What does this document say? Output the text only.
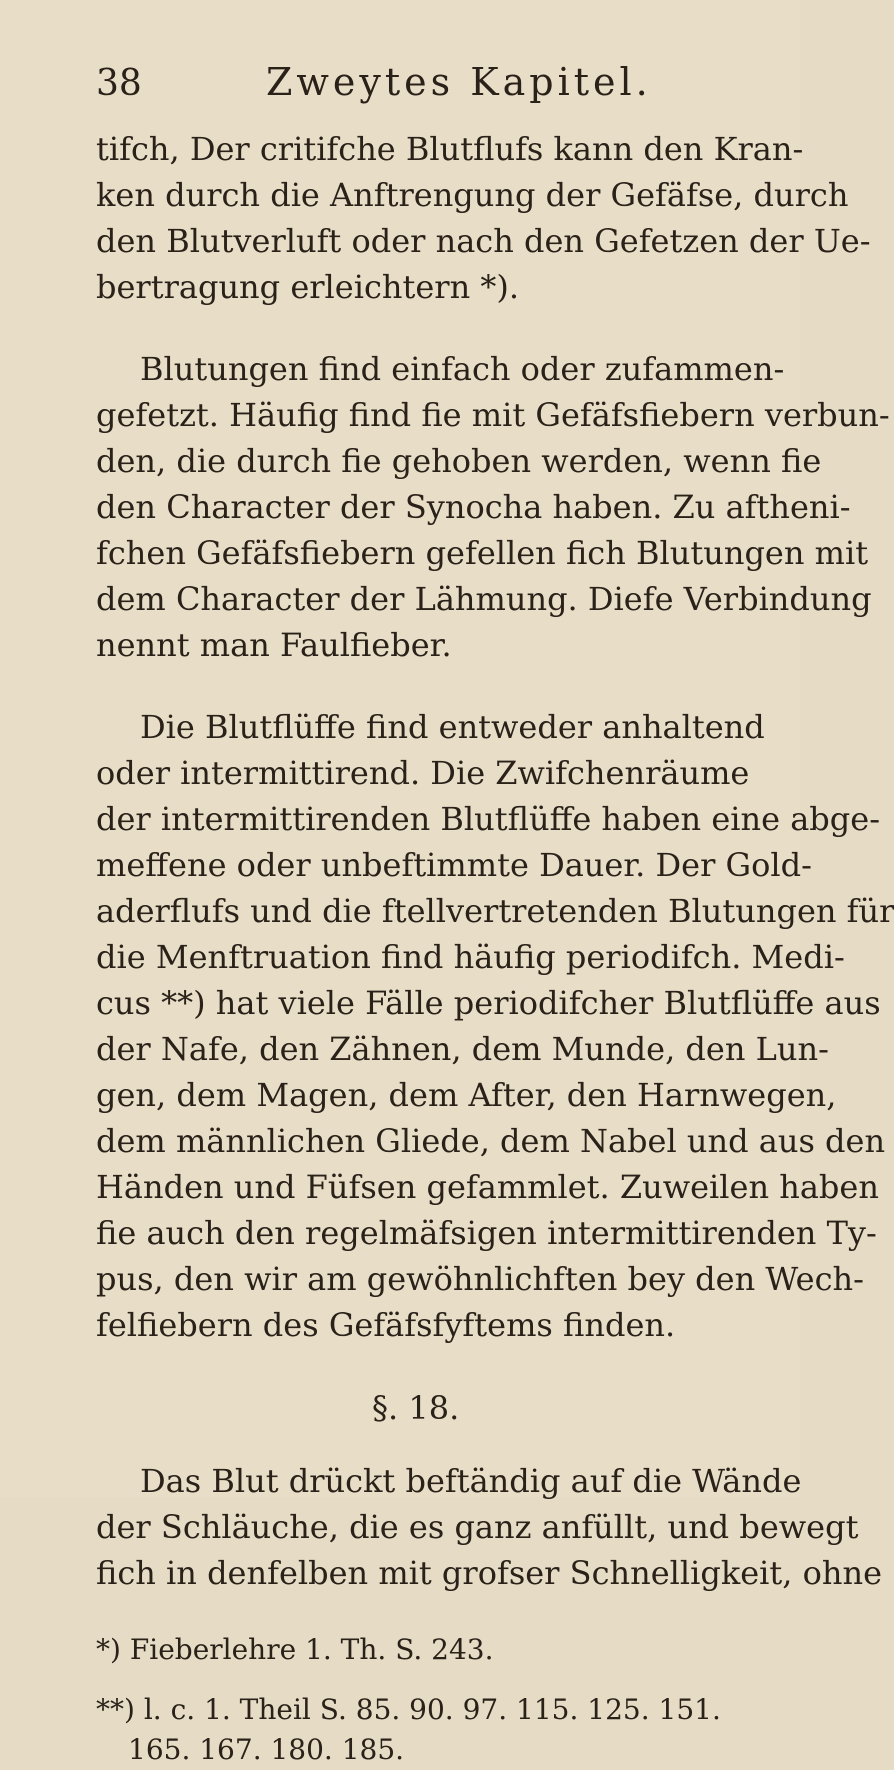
38	Zweytes Kapitel.
tifch, Der critifche Blutflufs kann den Kran-
ken durch die Anftrengung der Gefäfse, durch
den Blutverluft oder nach den Gefetzen der Ue-
bertragung erleichtern *).
Blutungen find einfach oder zufammen-
gefetzt. Häufig find fie mit Gefäfsfiebern verbun-
den, die durch fie gehoben werden, wenn fie
den Character der Synocha haben. Zu aftheni-
fchen Gefäfsfiebern gefellen fich Blutungen mit
dem Character der Lähmung. Diefe Verbindung
nennt man Faulfieber.
Die Blutflüffe find entweder anhaltend
oder intermittirend. Die Zwifchenräume
der intermittirenden Blutflüffe haben eine abge-
meffene oder unbeftimmte Dauer. Der Gold-
aderflufs und die ftellvertretenden Blutungen für
die Menftruation find häufig periodifch. Medi-
cus **) hat viele Fälle periodifcher Blutflüffe aus
der Nafe, den Zähnen, dem Munde, den Lun-
gen, dem Magen, dem After, den Harnwegen,
dem männlichen Gliede, dem Nabel und aus den
Händen und Füfsen gefammlet. Zuweilen haben
fie auch den regelmäfsigen intermittirenden Ty-
pus, den wir am gewöhnlichften bey den Wech-
felfiebern des Gefäfsfyftems finden.
§. 18.
Das Blut drückt beftändig auf die Wände
der Schläuche, die es ganz anfüllt, und bewegt
fich in denfelben mit grofser Schnelligkeit, ohne
*) Fieberlehre 1. Th. S. 243.
**) l. c. 1. Theil S. 85. 90. 97. 115. 125. 151.
165. 167. 180. 185.
